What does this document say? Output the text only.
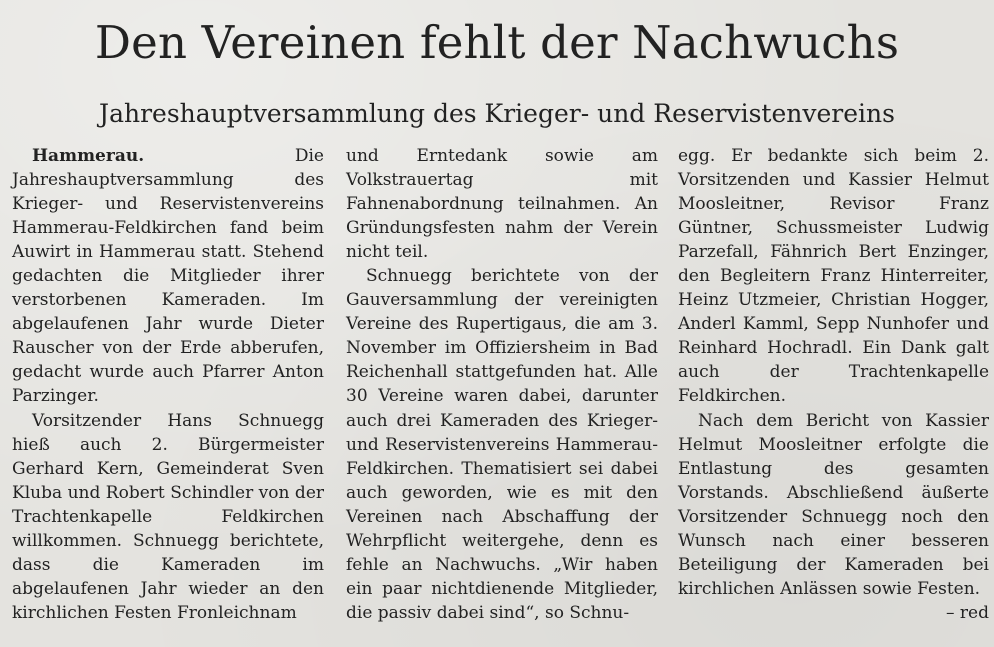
Den Vereinen fehlt der Nachwuchs
Jahreshauptversammlung des Krieger- und Reservistenvereins

Hammerau.	Die Jahreshauptversammlung des Krieger- und Reservistenvereins Hammerau-Feldkirchen fand beim Auwirt in Hammerau statt. Stehend gedachten die Mitglieder ihrer verstorbenen Kameraden. Im abgelaufenen Jahr wurde Dieter Rauscher von der Erde abberufen, gedacht wurde auch Pfarrer Anton Parzinger.

Vorsitzender Hans Schnuegg hieß auch 2. Bürgermeister Gerhard Kern, Gemeinderat Sven Kluba und Robert Schindler von der Trachtenkapelle Feldkirchen willkommen. Schnuegg berichtete, dass die Kameraden im abgelaufenen Jahr wieder an den kirchlichen Festen Fronleichnam

und Erntedank sowie am Volkstrauertag mit Fahnenabordnung teilnahmen. An Gründungsfesten nahm der Verein nicht teil.

Schnuegg berichtete von der Gauversammlung der vereinigten Vereine des Rupertigaus, die am 3. November im Offiziersheim in Bad Reichenhall stattgefunden hat. Alle 30 Vereine waren dabei, darunter auch drei Kameraden des Krieger- und Reservistenvereins Hammerau-Feldkirchen. Thematisiert sei dabei auch geworden, wie es mit den Vereinen nach Abschaffung der Wehrpflicht weitergehe, denn es fehle an Nachwuchs. „Wir haben ein paar nichtdienende Mitglieder, die passiv dabei sind“, so Schnu-

egg. Er bedankte sich beim 2. Vorsitzenden und Kassier Helmut Moosleitner, Revisor Franz Güntner, Schussmeister Ludwig Parzefall, Fähnrich Bert Enzinger, den Begleitern Franz Hinterreiter, Heinz Utzmeier, Christian Hogger, Anderl Kamml, Sepp Nunhofer und Reinhard Hochradl. Ein Dank galt auch der Trachtenkapelle Feldkirchen.

Nach dem Bericht von Kassier Helmut Moosleitner erfolgte die Entlastung des gesamten Vorstands. Abschließend äußerte Vorsitzender Schnuegg noch den Wunsch nach einer besseren Beteiligung der Kameraden bei kirchlichen Anlässen sowie Festen.
– red
